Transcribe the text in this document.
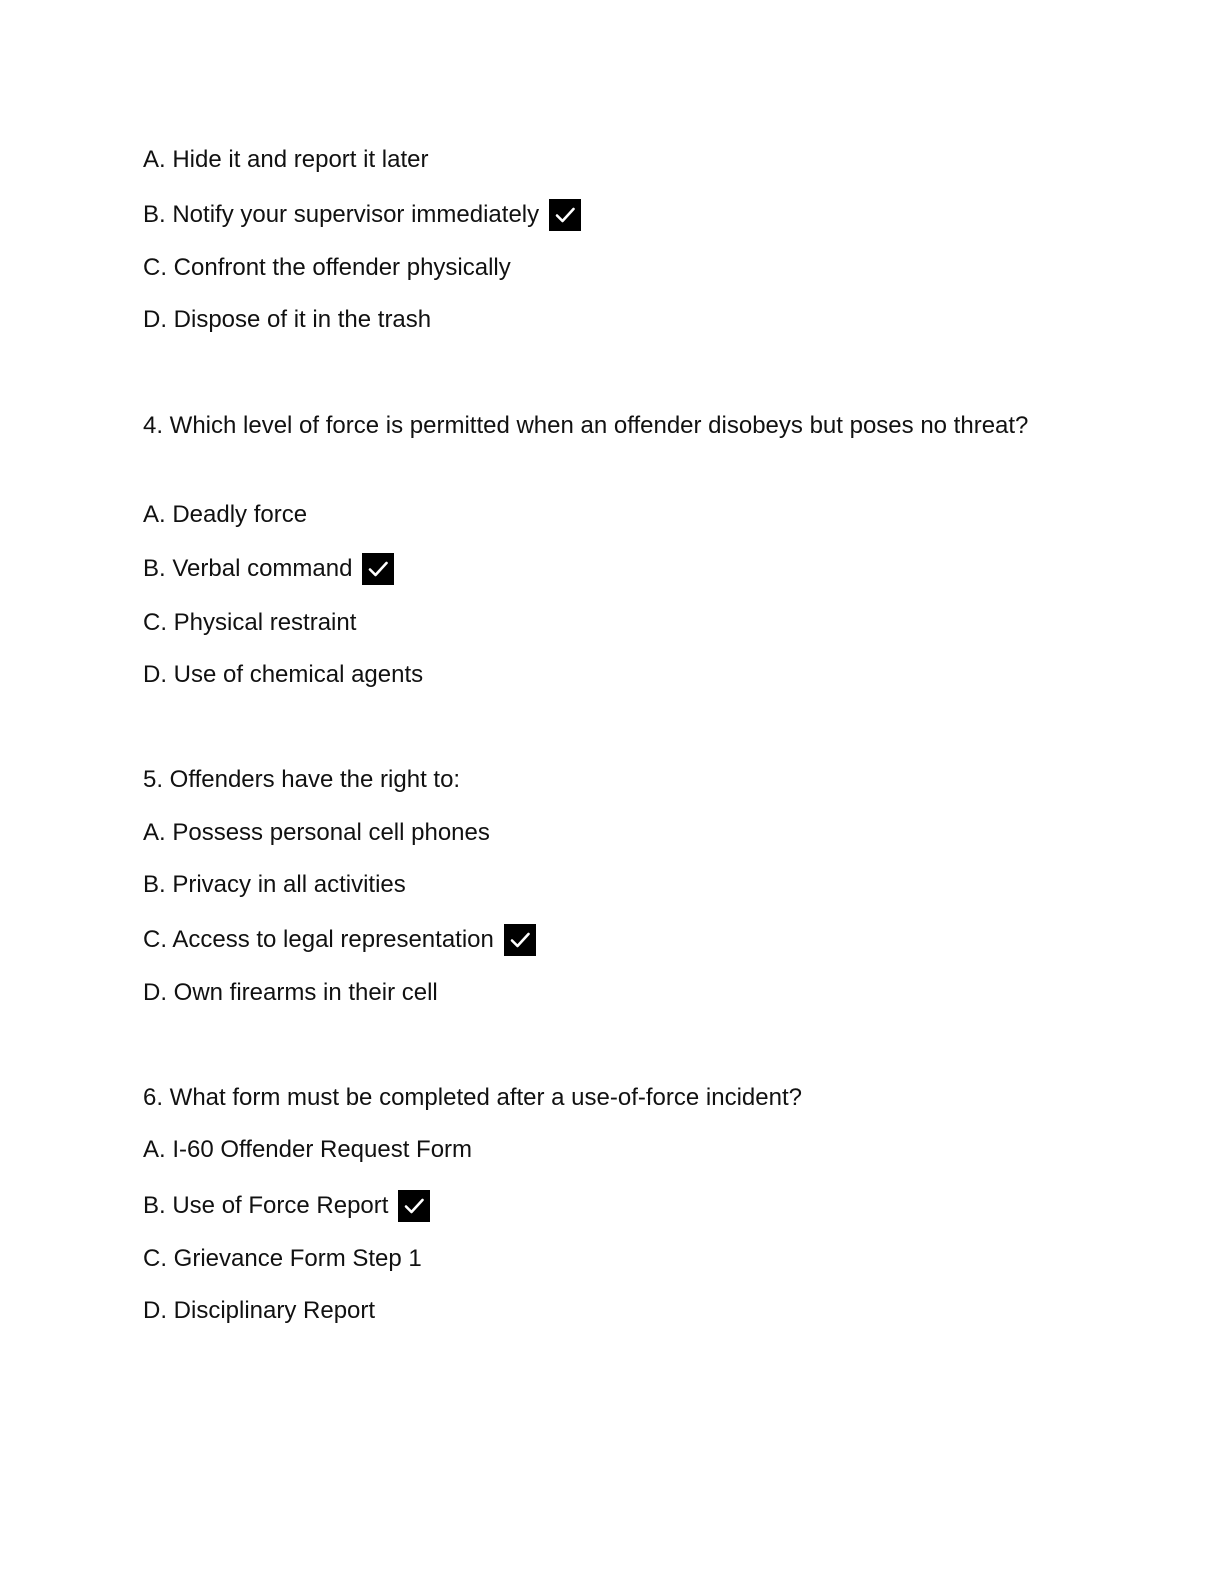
A. Hide it and report it later
B. Notify your supervisor immediately
C. Confront the offender physically
D. Dispose of it in the trash
4. Which level of force is permitted when an offender disobeys but poses no threat?
A. Deadly force
B. Verbal command
C. Physical restraint
D. Use of chemical agents
5. Offenders have the right to:
A. Possess personal cell phones
B. Privacy in all activities
C. Access to legal representation
D. Own firearms in their cell
6. What form must be completed after a use-of-force incident?
A. I-60 Offender Request Form
B. Use of Force Report
C. Grievance Form Step 1
D. Disciplinary Report
